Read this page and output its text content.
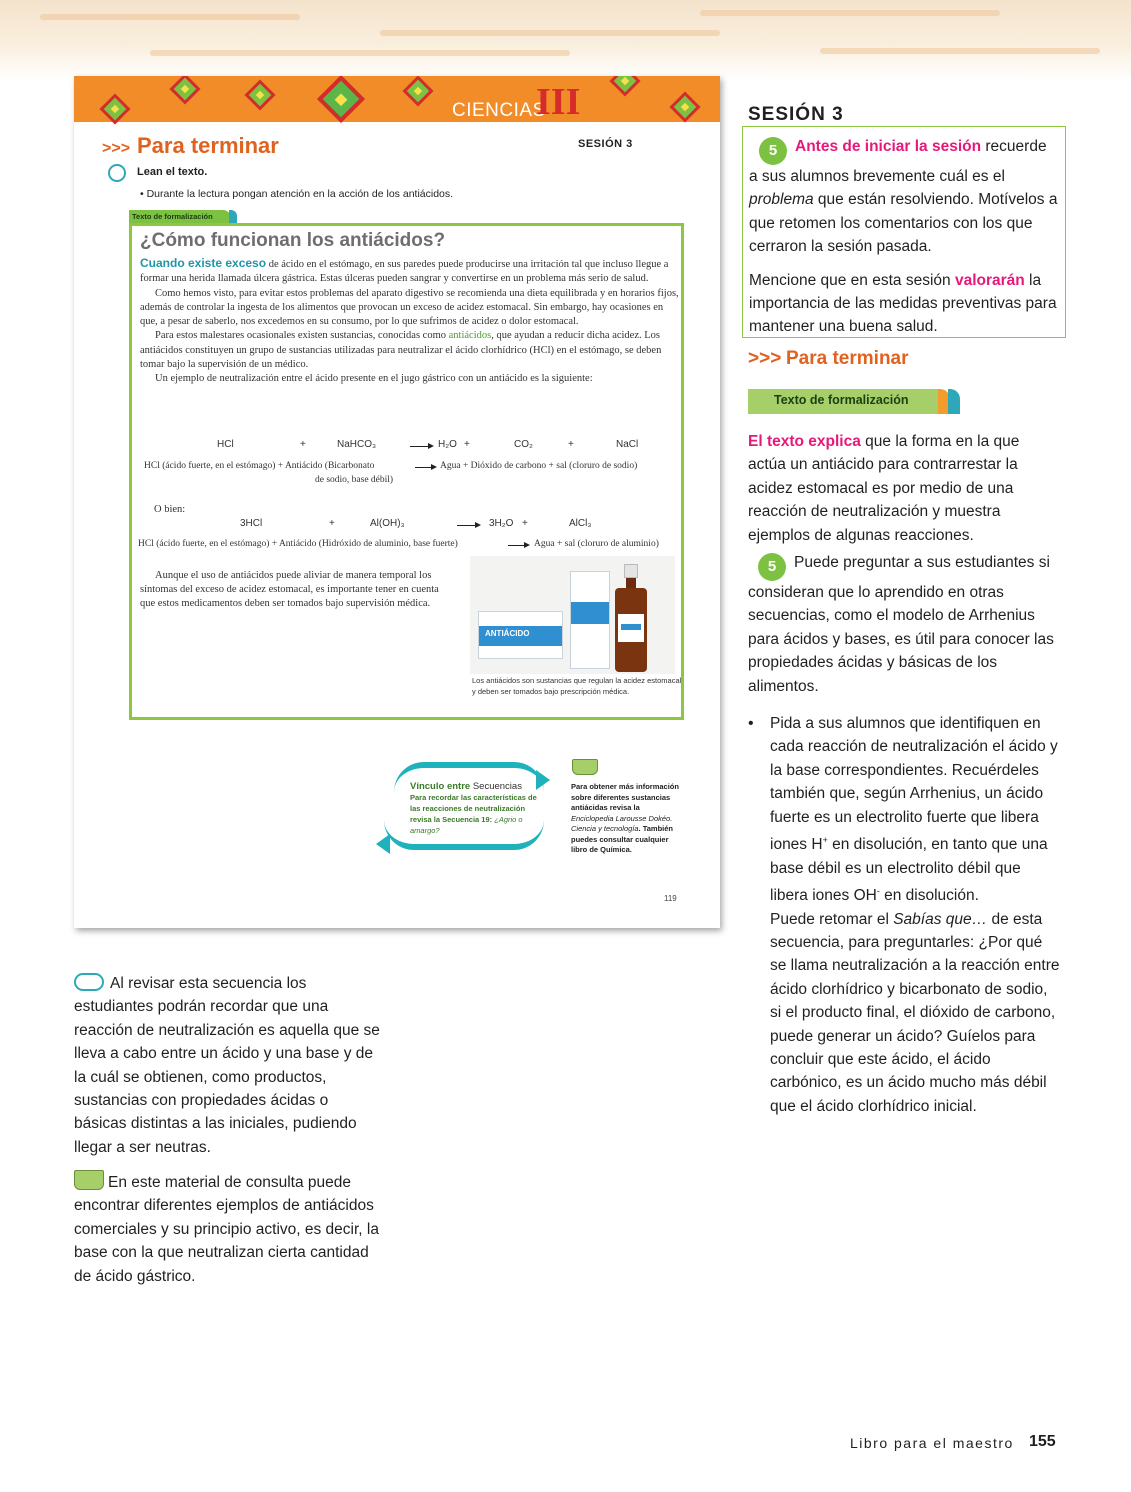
CIENCIAS
III
>>> Para terminar	SESIÓN 3
Lean el texto.
• Durante la lectura pongan atención en la acción de los antiácidos.
Texto de formalización
¿Cómo funcionan los antiácidos?

Cuando existe exceso de ácido en el estómago, en sus paredes puede producirse una irritación tal que incluso llegue a formar una herida llamada úlcera gástrica. Estas úlceras pueden sangrar y convertirse en un problema más serio de salud.

Como hemos visto, para evitar estos problemas del aparato digestivo se recomienda una dieta equilibrada y en horarios fijos, además de controlar la ingesta de los alimentos que provocan un exceso de acidez estomacal. Sin embargo, hay ocasiones en que, a pesar de saberlo, nos excedemos en su consumo, por lo que sufrimos de acidez o dolor estomacal.

Para estos malestares ocasionales existen sustancias, conocidas como antiácidos, que ayudan a reducir dicha acidez. Los antiácidos constituyen un grupo de sustancias utilizadas para neutralizar el ácido clorhídrico (HCl) en el estómago, se deben tomar bajo la supervisión de un médico.

Un ejemplo de neutralización entre el ácido presente en el jugo gástrico con un antiácido es la siguiente:

HCl	+	NaHCO₃ → H₂O +	CO₂	+	NaCl
HCl (ácido fuerte, en el estómago) + Antiácido (Bicarbonato	→ Agua + Dióxido de carbono + sal (cloruro de sodio)
de sodio, base débil)
O bien:
3HCl	+	Al(OH)₃	→ 3H₂O +	AlCl₃
HCl (ácido fuerte, en el estómago) + Antiácido (Hidróxido de aluminio, base fuerte)	→ Agua + sal (cloruro de aluminio)

Aunque el uso de antiácidos puede aliviar de manera temporal los síntomas del exceso de acidez estomacal, es importante tener en cuenta que estos medicamentos deben ser tomados bajo supervisión médica.

ANTIÁCIDO
Los antiácidos son sustancias que regulan la acidez estomacal y deben ser tomados bajo prescripción médica.
Vínculo entre Secuencias
Para recordar las características de las reacciones de neutralización revisa la Secuencia 19: ¿Agrio o amargo?
Para obtener más información sobre diferentes sustancias antiácidas revisa la Enciclopedia Larousse Dokéo. Ciencia y tecnología. También puedes consultar cualquier libro de Química.
119
SESIÓN 3

5 Antes de iniciar la sesión recuerde a sus alumnos brevemente cuál es el problema que están resolviendo. Motívelos a que retomen los comentarios con los que cerraron la sesión pasada.

Mencione que en esta sesión valorarán la importancia de las medidas preventivas para mantener una buena salud.

>>> Para terminar
Texto de formalización

El texto explica que la forma en la que actúa un antiácido para contrarrestar la acidez estomacal es por medio de una reacción de neutralización y muestra ejemplos de algunas reacciones.

5 Puede preguntar a sus estudiantes si consideran que lo aprendido en otras secuencias, como el modelo de Arrhenius para ácidos y bases, es útil para conocer las propiedades ácidas y básicas de los alimentos.

•	Pida a sus alumnos que identifiquen en cada reacción de neutralización el ácido y la base correspondientes. Recuérdeles también que, según Arrhenius, un ácido fuerte es un electrolito fuerte que libera iones H+ en disolución, en tanto que una base débil es un electrolito débil que libera iones OH- en disolución.
Puede retomar el Sabías que… de esta secuencia, para preguntarles: ¿Por qué se llama neutralización a la reacción entre ácido clorhídrico y bicarbonato de sodio, si el producto final, el dióxido de carbono, puede generar un ácido? Guíelos para concluir que este ácido, el ácido carbónico, es un ácido mucho más débil que el ácido clorhídrico inicial.

Al revisar esta secuencia los estudiantes podrán recordar que una reacción de neutralización es aquella que se lleva a cabo entre un ácido y una base y de la cuál se obtienen, como productos, sustancias con propiedades ácidas o básicas distintas a las iniciales, pudiendo llegar a ser neutras.

En este material de consulta puede encontrar diferentes ejemplos de antiácidos comerciales y su principio activo, es decir, la base con la que neutralizan cierta cantidad de ácido gástrico.

Libro para el maestro 155
